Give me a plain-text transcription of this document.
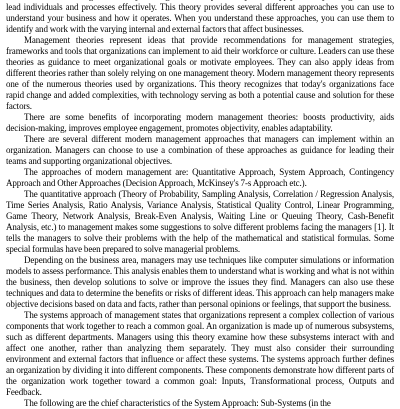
lead individuals and processes effectively. This theory provides several different approaches you can use to understand your business and how it operates. When you understand these approaches, you can use them to identify and work with the varying internal and external factors that affect businesses.

Management theories represent ideas that provide recommendations for management strategies, frameworks and tools that organizations can implement to aid their workforce or culture. Leaders can use these theories as guidance to meet organizational goals or motivate employees. They can also apply ideas from different theories rather than solely relying on one management theory. Modern management theory represents one of the numerous theories used by organizations. This theory recognizes that today's organizations face rapid change and added complexities, with technology serving as both a potential cause and solution for these factors.

There are some benefits of incorporating modern management theories: boosts productivity, aids decision-making, improves employee engagement, promotes objectivity, enables adaptability.

There are several different modern management approaches that managers can implement within an organization. Managers can choose to use a combination of these approaches as guidance for leading their teams and supporting organizational objectives.

The approaches of modern management are: Quantitative Approach, System Approach, Contingency Approach and Other Approaches (Decision Approach, McKinsey's 7-s Approach etc.).

The quantitative approach (Theory of Probability, Sampling Analysis, Correlation / Regression Analysis, Time Series Analysis, Ratio Analysis, Variance Analysis, Statistical Quality Control, Linear Programming, Game Theory, Network Analysis, Break-Even Analysis, Waiting Line or Queuing Theory, Cash-Benefit Analysis, etc.) to management makes some suggestions to solve different problems facing the managers [1]. It tells the managers to solve their problems with the help of the mathematical and statistical formulas. Some special formulas have been prepared to solve managerial problems.

Depending on the business area, managers may use techniques like computer simulations or information models to assess performance. This analysis enables them to understand what is working and what is not within the business, then develop solutions to solve or improve the issues they find. Managers can also use these techniques and data to determine the benefits or risks of different ideas. This approach can help managers make objective decisions based on data and facts, rather than personal opinions or feelings, that support the business.

The systems approach of management states that organizations represent a complex collection of various components that work together to reach a common goal. An organization is made up of numerous subsystems, such as different departments. Managers using this theory examine how these subsystems interact with and affect one another, rather than analyzing them separately. They must also consider their surrounding environment and external factors that influence or affect these systems. The systems approach further defines an organization by dividing it into different components. These components demonstrate how different parts of the organization work together toward a common goal: Inputs, Transformational process, Outputs and Feedback.

The following are the chief characteristics of the System Approach: Sub-Systems (in the
